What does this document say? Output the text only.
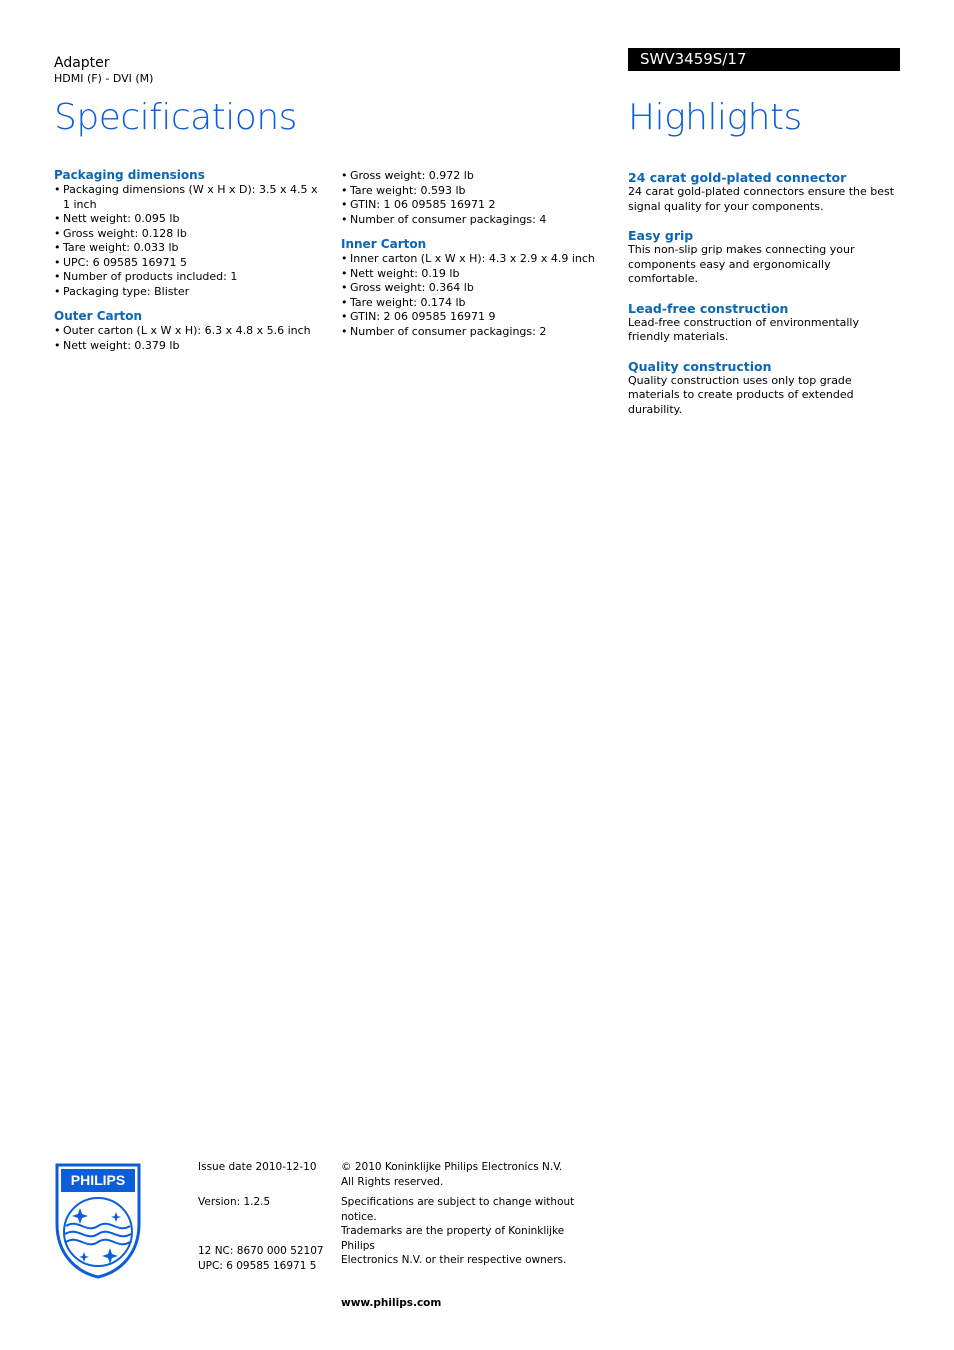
Adapter
HDMI (F) - DVI (M)
SWV3459S/17
Specifications	Highlights
Packaging dimensions
• Packaging dimensions (W x H x D): 3.5 x 4.5 x 1 inch
• Nett weight: 0.095 lb
• Gross weight: 0.128 lb
• Tare weight: 0.033 lb
• UPC: 6 09585 16971 5
• Number of products included: 1
• Packaging type: Blister
Outer Carton
• Outer carton (L x W x H): 6.3 x 4.8 x 5.6 inch
• Nett weight: 0.379 lb
• Gross weight: 0.972 lb
• Tare weight: 0.593 lb
• GTIN: 1 06 09585 16971 2
• Number of consumer packagings: 4
Inner Carton
• Inner carton (L x W x H): 4.3 x 2.9 x 4.9 inch
• Nett weight: 0.19 lb
• Gross weight: 0.364 lb
• Tare weight: 0.174 lb
• GTIN: 2 06 09585 16971 9
• Number of consumer packagings: 2
24 carat gold-plated connector
24 carat gold-plated connectors ensure the best signal quality for your components.
Easy grip
This non-slip grip makes connecting your components easy and ergonomically comfortable.
Lead-free construction
Lead-free construction of environmentally friendly materials.
Quality construction
Quality construction uses only top grade materials to create products of extended durability.
PHILIPS
Issue date 2010-12-10
Version: 1.2.5
12 NC: 8670 000 52107
UPC: 6 09585 16971 5
© 2010 Koninklijke Philips Electronics N.V.
All Rights reserved.
Specifications are subject to change without notice.
Trademarks are the property of Koninklijke Philips
Electronics N.V. or their respective owners.
www.philips.com
